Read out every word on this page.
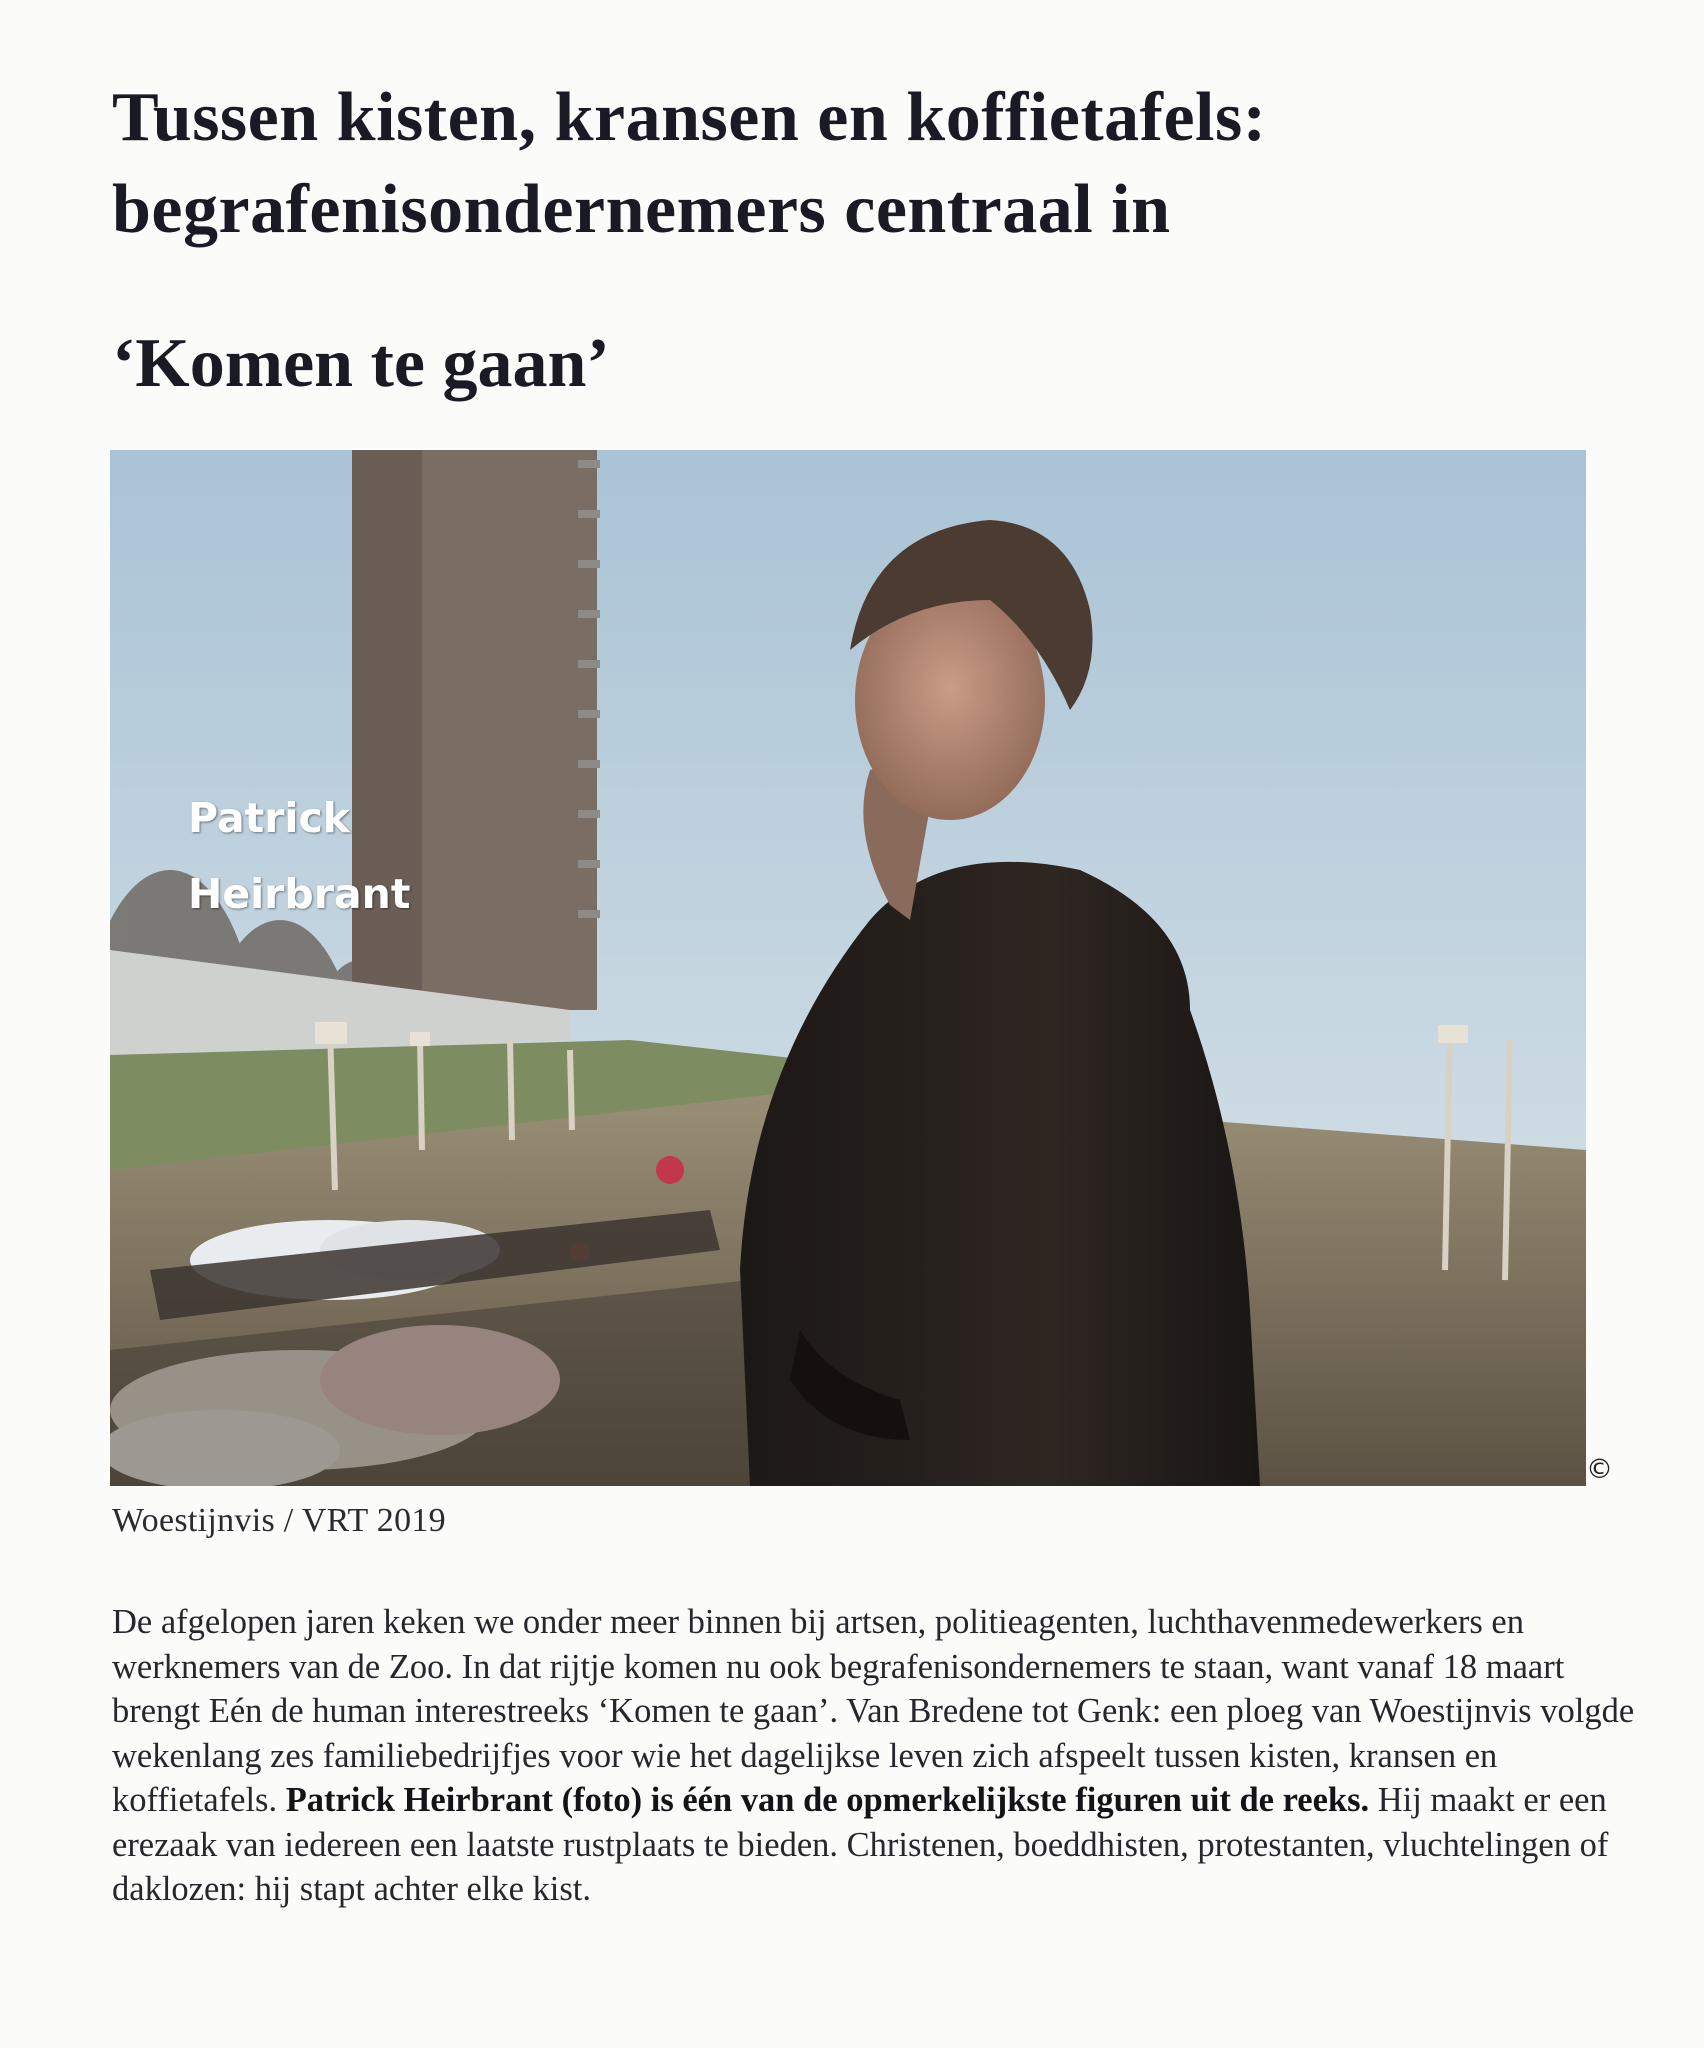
Tussen kisten, kransen en koffietafels:
begrafenisondernemers centraal in
‘Komen te gaan’
Patrick
Heirbrant
©
Woestijnvis / VRT 2019

De afgelopen jaren keken we onder meer binnen bij artsen, politieagenten, luchthavenmedewerkers en werknemers van de Zoo. In dat rijtje komen nu ook begrafenisondernemers te staan, want vanaf 18 maart brengt Eén de human interestreeks ‘Komen te gaan’. Van Bredene tot Genk: een ploeg van Woestijnvis volgde wekenlang zes familiebedrijfjes voor wie het dagelijkse leven zich afspeelt tussen kisten, kransen en koffietafels. Patrick Heirbrant (foto) is één van de opmerkelijkste figuren uit de reeks. Hij maakt er een erezaak van iedereen een laatste rustplaats te bieden. Christenen, boeddhisten, protestanten, vluchtelingen of daklozen: hij stapt achter elke kist.
